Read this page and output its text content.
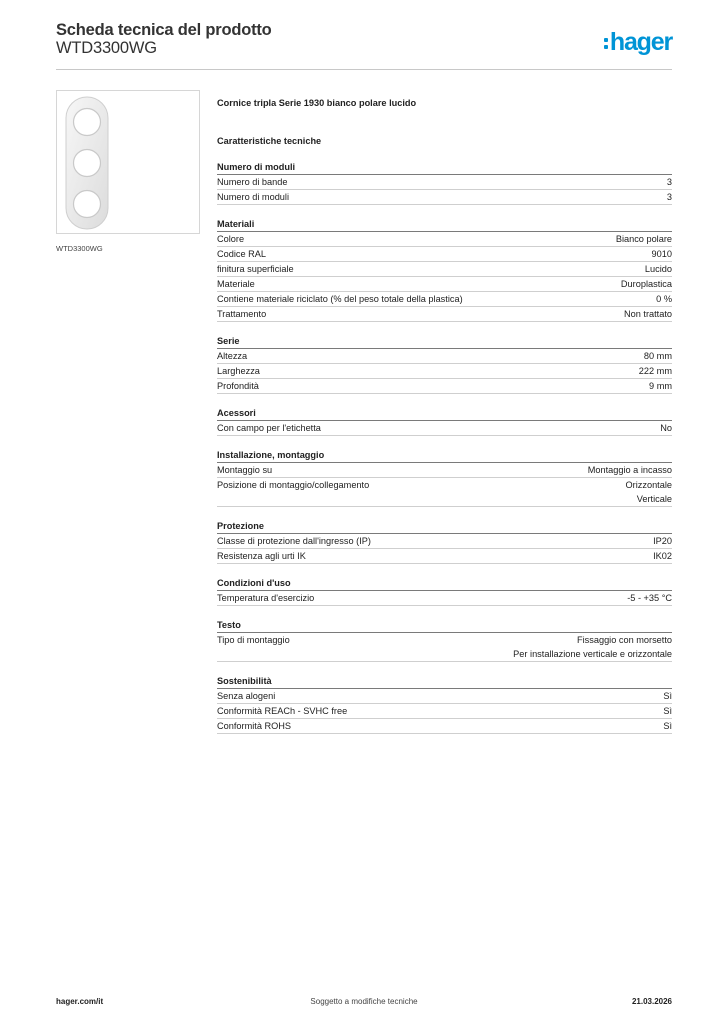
Scheda tecnica del prodotto
WTD3300WG	hager
WTD3300WG
Cornice tripla Serie 1930 bianco polare lucido
Caratteristiche tecniche
Numero di moduli
Numero di bande	3
Numero di moduli	3
Materiali
Colore	Bianco polare
Codice RAL	9010
finitura superficiale	Lucido
Materiale	Duroplastica
Contiene materiale riciclato (% del peso totale della plastica)	0 %
Trattamento	Non trattato
Serie
Altezza	80 mm
Larghezza	222 mm
Profondità	9 mm
Acessori
Con campo per l'etichetta	No
Installazione, montaggio
Montaggio su	Montaggio a incasso
Posizione di montaggio/collegamento	Orizzontale
Verticale
Protezione
Classe di protezione dall'ingresso (IP)	IP20
Resistenza agli urti IK	IK02
Condizioni d'uso
Temperatura d'esercizio	-5 - +35 °C
Testo
Tipo di montaggio	Fissaggio con morsetto
Per installazione verticale e orizzontale
Sostenibilità
Senza alogeni	Sì
Conformità REACh - SVHC free	Sì
Conformità ROHS	Sì
hager.com/it	Soggetto a modifiche tecniche	21.03.2026
